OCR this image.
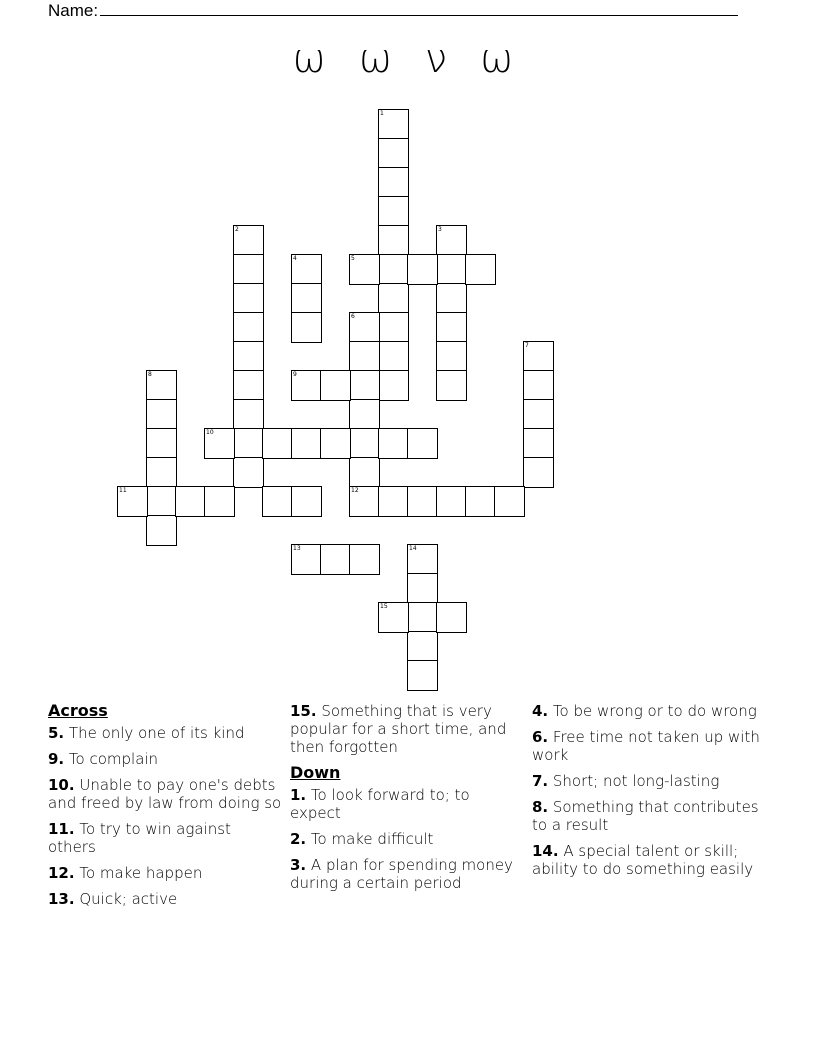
Name:
ω ω ν ω
1
2	3
4	5
6
7
8	9
10
11	12
13	14
15
Across
5. The only one of its kind
9. To complain
10. Unable to pay one's debts and freed by law from doing so
11. To try to win against others
12. To make happen
13. Quick; active
15. Something that is very popular for a short time, and then forgotten
Down
1. To look forward to; to expect
2. To make difficult
3. A plan for spending money during a certain period
4. To be wrong or to do wrong
6. Free time not taken up with work
7. Short; not long-lasting
8. Something that contributes to a result
14. A special talent or skill; ability to do something easily
